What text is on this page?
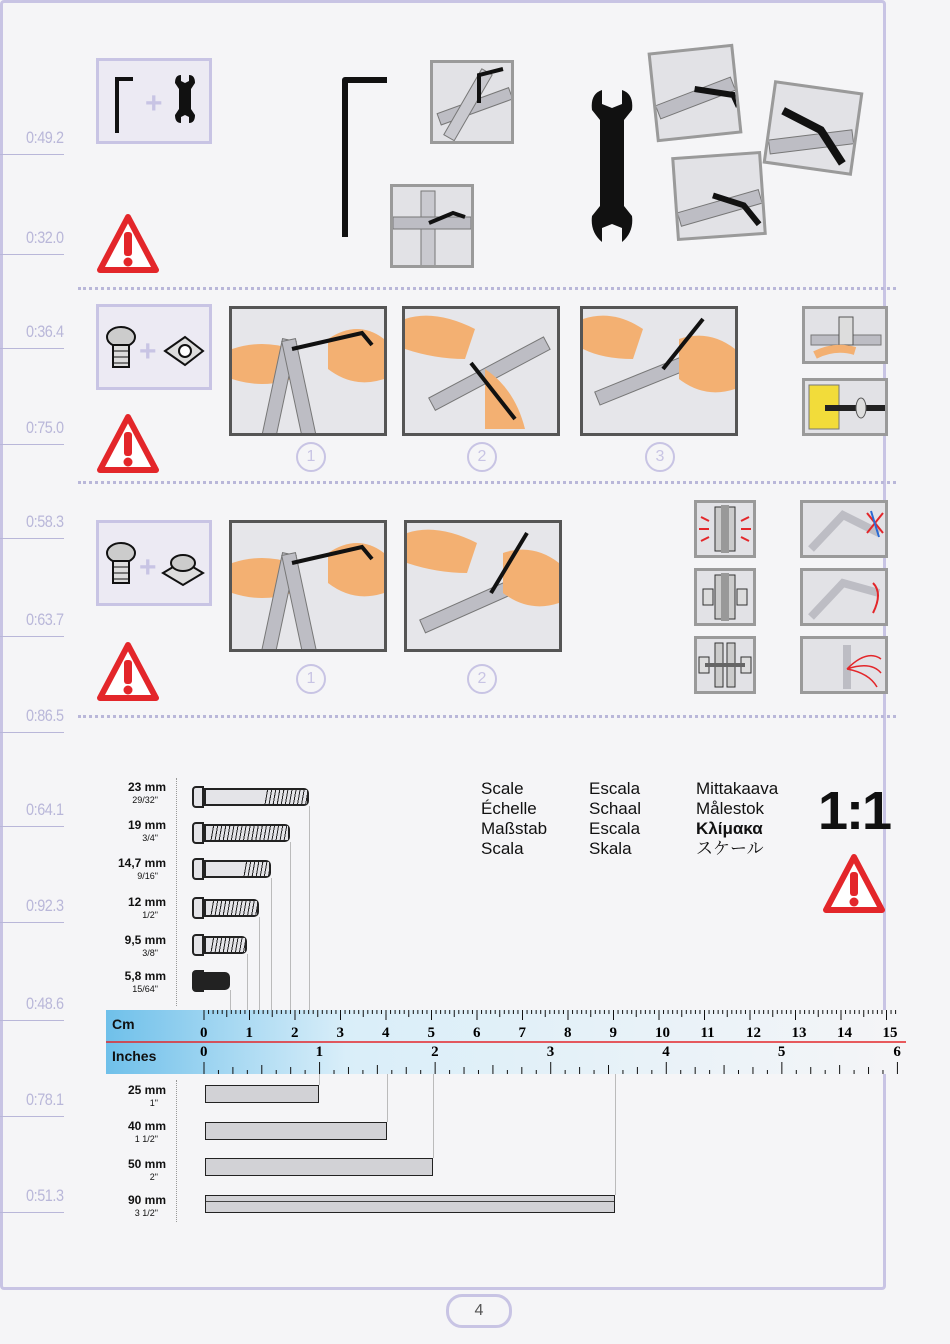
0:49.2
0:32.0
0:36.4
0:75.0
0:58.3
0:63.7
0:86.5
0:64.1
0:92.3
0:48.6
0:78.1
0:51.3
+
+
1	2	3
+
1	2
23 mm
29/32"
19 mm
3/4"
14,7 mm
9/16"
12 mm
1/2"
9,5 mm
3/8"
5,8 mm
15/64"
Scale
Échelle
Maßstab
Scala
Escala
Schaal
Escala
Skala
Mittakaava
Målestok
Κλίμακα
スケール
1:1
0	1	2	3	4	5	6	7	8	9	10 11 12 13 14 15
0	1	2	3	4	5	6
Cm
Inches
25 mm
1"
40 mm
1 1/2"
50 mm
2"
90 mm
3 1/2"
4
